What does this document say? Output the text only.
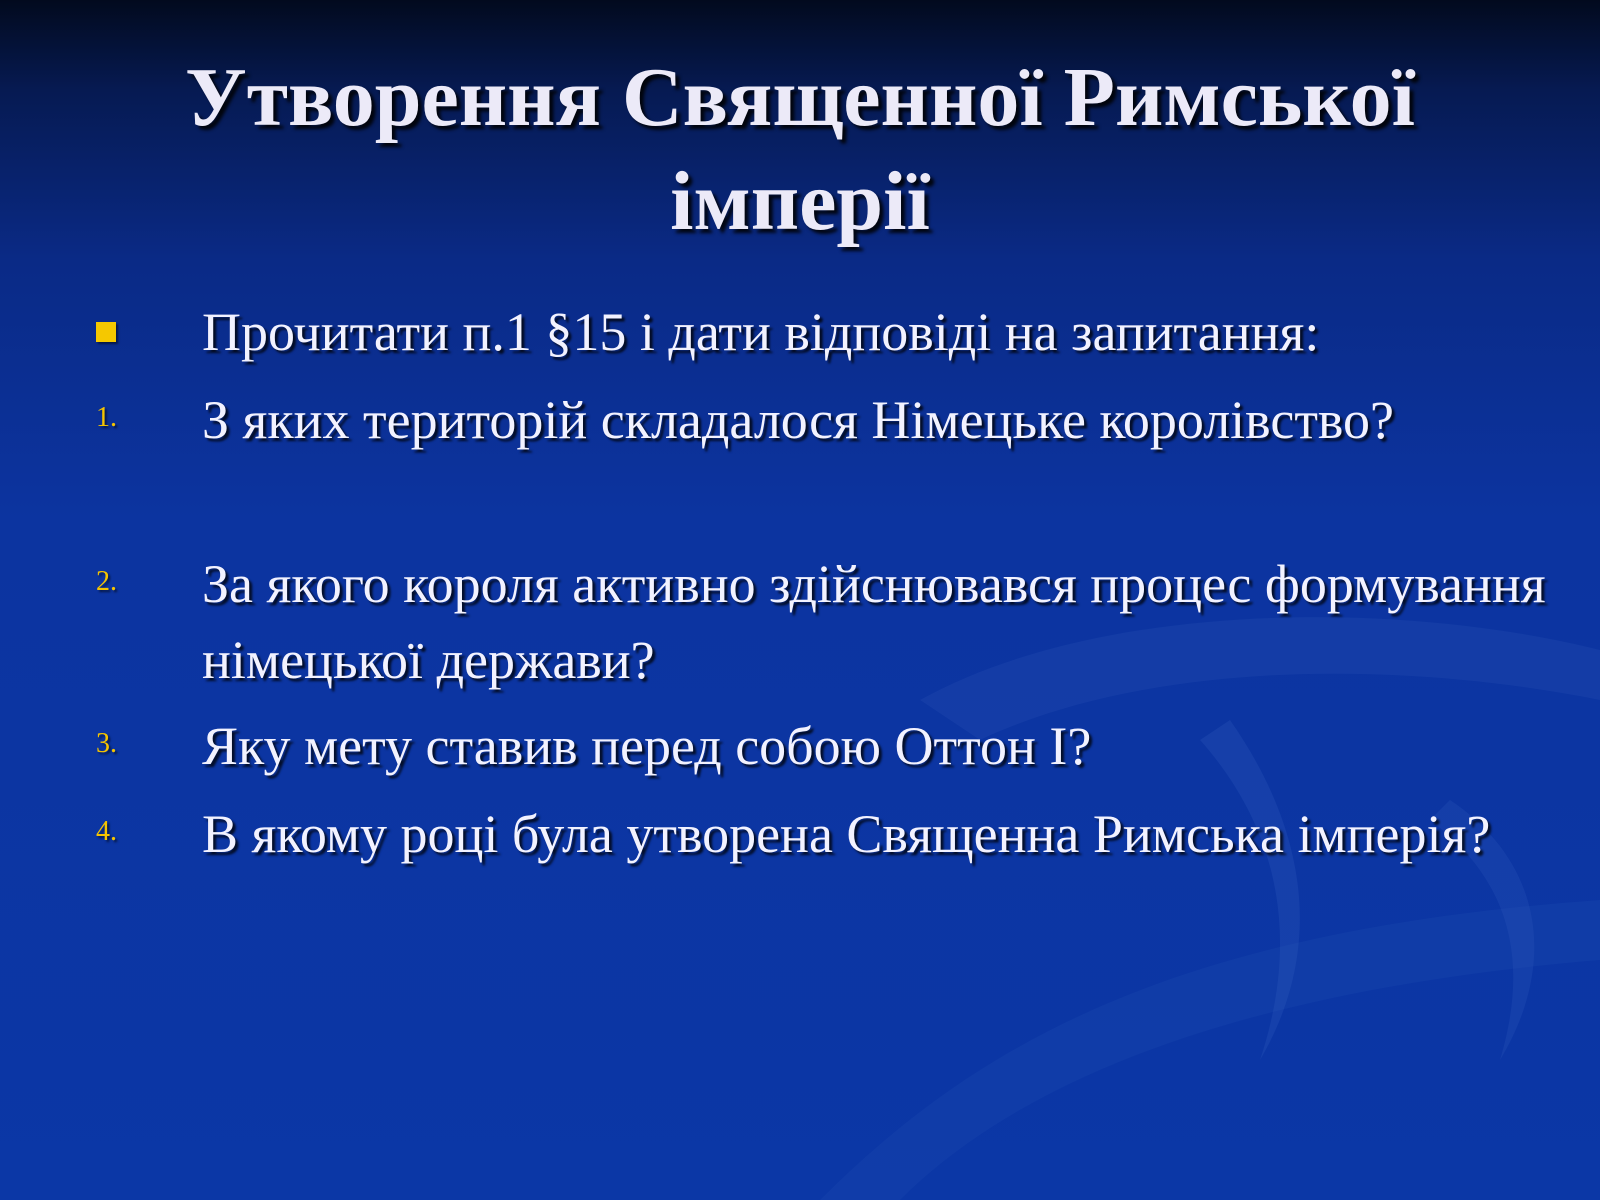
Утворення Священної Римської імперії

Прочитати п.1 §15 і дати відповіді на запитання:

1. З яких територій складалося Німецьке королівство?

2. За якого короля активно здійснювався процес формування німецької держави?

3. Яку мету ставив перед собою Оттон І?

4. В якому році була утворена Священна Римська імперія?
